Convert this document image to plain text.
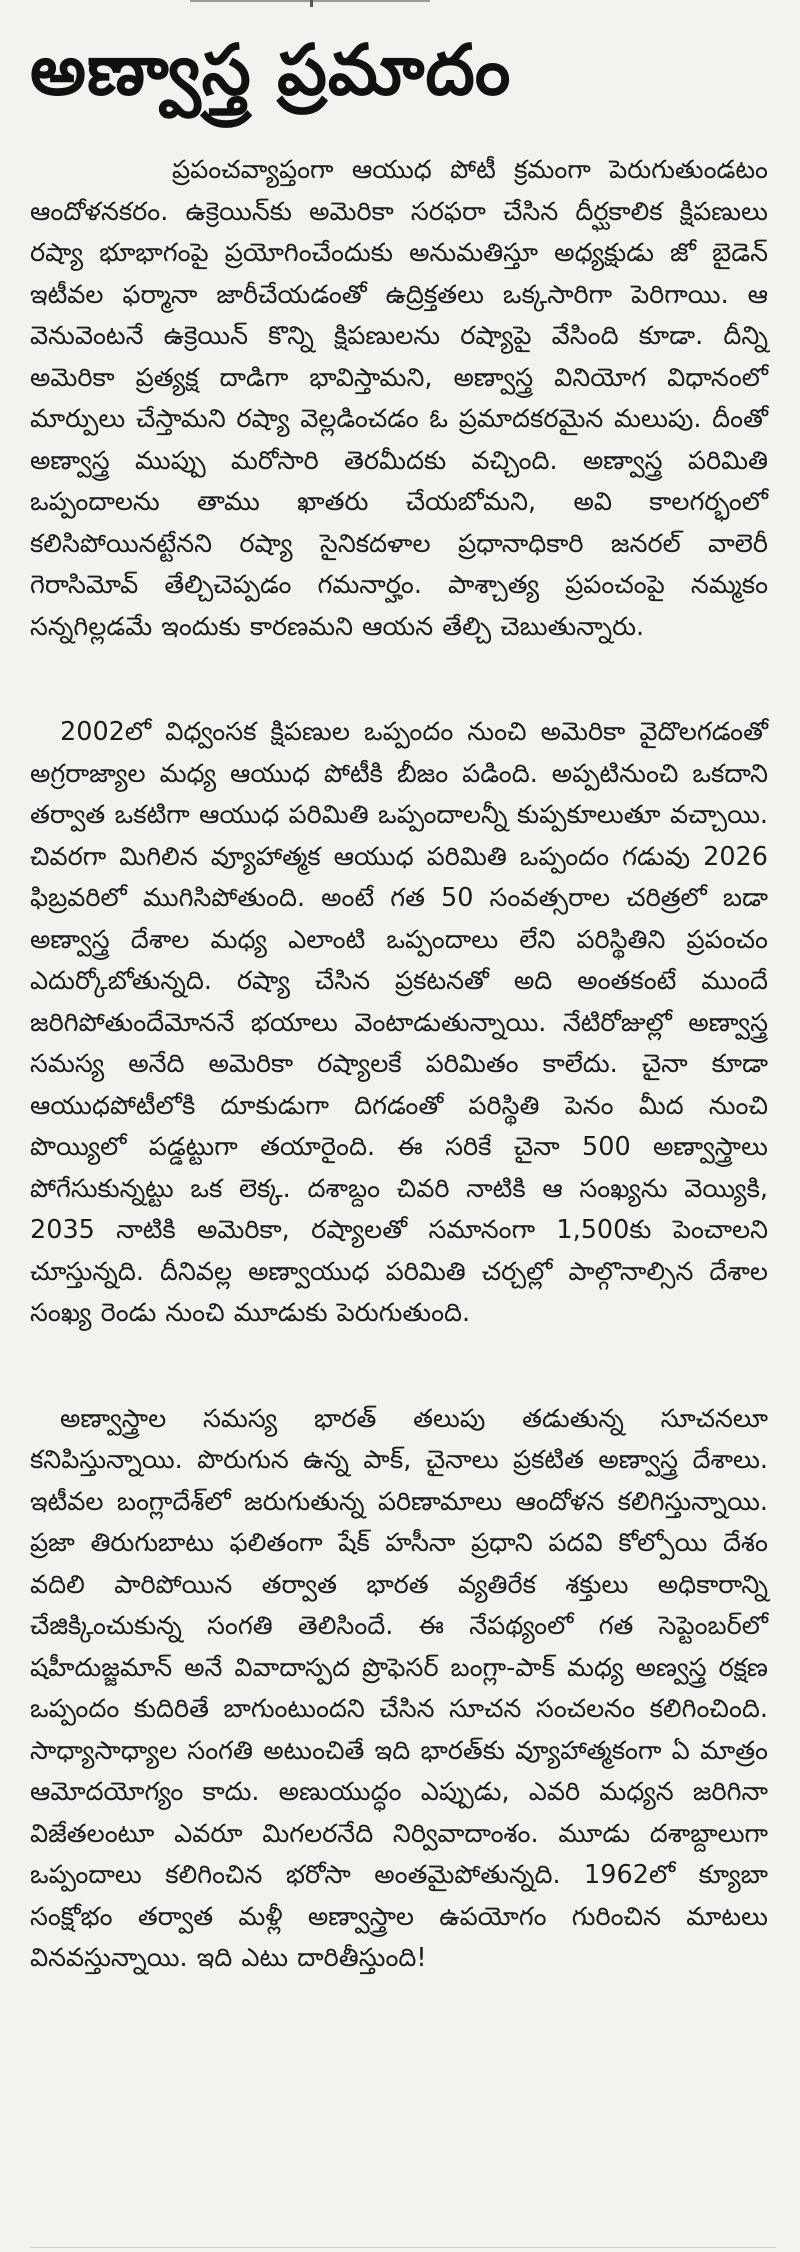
అణ్వాస్త్ర ప్రమాదం

ప్రపంచవ్యాప్తంగా ఆయుధ పోటీ క్రమంగా పెరుగుతుండటం ఆందోళనకరం. ఉక్రెయిన్‌కు అమెరికా సరఫరా చేసిన దీర్ఘకాలిక క్షిపణులు రష్యా భూభాగంపై ప్రయోగించేందుకు అనుమతిస్తూ అధ్యక్షుడు జో బైడెన్ ఇటీవల ఫర్మానా జారీచేయడంతో ఉద్రిక్తతలు ఒక్కసారిగా పెరిగాయి. ఆ వెనువెంటనే ఉక్రెయిన్ కొన్ని క్షిపణులను రష్యాపై వేసింది కూడా. దీన్ని అమెరికా ప్రత్యక్ష దాడిగా భావిస్తామని, అణ్వాస్త్ర వినియోగ విధానంలో మార్పులు చేస్తామని రష్యా వెల్లడించడం ఓ ప్రమాదకరమైన మలుపు. దీంతో అణ్వాస్త్ర ముప్పు మరోసారి తెరమీదకు వచ్చింది. అణ్వాస్త్ర పరిమితి ఒప్పందాలను తాము ఖాతరు చేయబోమని, అవి కాలగర్భంలో కలిసిపోయినట్టేనని రష్యా సైనికదళాల ప్రధానాధికారి జనరల్ వాలెరీ గెరాసిమోవ్ తేల్చిచెప్పడం గమనార్హం. పాశ్చాత్య ప్రపంచంపై నమ్మకం సన్నగిల్లడమే ఇందుకు కారణమని ఆయన తేల్చి చెబుతున్నారు.

2002లో విధ్వంసక క్షిపణుల ఒప్పందం నుంచి అమెరికా వైదొలగడంతో అగ్రరాజ్యాల మధ్య ఆయుధ పోటీకి బీజం పడింది. అప్పటినుంచి ఒకదాని తర్వాత ఒకటిగా ఆయుధ పరిమితి ఒప్పందాలన్నీ కుప్పకూలుతూ వచ్చాయి. చివరగా మిగిలిన వ్యూహాత్మక ఆయుధ పరిమితి ఒప్పందం గడువు 2026 ఫిబ్రవరిలో ముగిసిపోతుంది. అంటే గత 50 సంవత్సరాల చరిత్రలో బడా అణ్వాస్త్ర దేశాల మధ్య ఎలాంటి ఒప్పందాలు లేని పరిస్థితిని ప్రపంచం ఎదుర్కోబోతున్నది. రష్యా చేసిన ప్రకటనతో అది అంతకంటే ముందే జరిగిపోతుందేమోననే భయాలు వెంటాడుతున్నాయి. నేటిరోజుల్లో అణ్వాస్త్ర సమస్య అనేది అమెరికా రష్యాలకే పరిమితం కాలేదు. చైనా కూడా ఆయుధపోటీలోకి దూకుడుగా దిగడంతో పరిస్థితి పెనం మీద నుంచి పొయ్యిలో పడ్డట్టుగా తయారైంది. ఈ సరికే చైనా 500 అణ్వాస్త్రాలు పోగేసుకున్నట్టు ఒక లెక్క. దశాబ్దం చివరి నాటికి ఆ సంఖ్యను వెయ్యికి, 2035 నాటికి అమెరికా, రష్యాలతో సమానంగా 1,500కు పెంచాలని చూస్తున్నది. దీనివల్ల అణ్వాయుధ పరిమితి చర్చల్లో పాల్గొనాల్సిన దేశాల సంఖ్య రెండు నుంచి మూడుకు పెరుగుతుంది.

అణ్వాస్త్రాల సమస్య భారత్ తలుపు తడుతున్న సూచనలూ కనిపిస్తున్నాయి. పొరుగున ఉన్న పాక్, చైనాలు ప్రకటిత అణ్వాస్త్ర దేశాలు. ఇటీవల బంగ్లాదేశ్‌లో జరుగుతున్న పరిణామాలు ఆందోళన కలిగిస్తున్నాయి. ప్రజా తిరుగుబాటు ఫలితంగా షేక్ హసీనా ప్రధాని పదవి కోల్పోయి దేశం వదిలి పారిపోయిన తర్వాత భారత వ్యతిరేక శక్తులు అధికారాన్ని చేజిక్కించుకున్న సంగతి తెలిసిందే. ఈ నేపథ్యంలో గత సెప్టెంబర్‌లో షహీదుజ్జమాన్ అనే వివాదాస్పద ప్రొఫెసర్ బంగ్లా-పాక్ మధ్య అణ్వస్త్ర రక్షణ ఒప్పందం కుదిరితే బాగుంటుందని చేసిన సూచన సంచలనం కలిగించింది. సాధ్యాసాధ్యాల సంగతి అటుంచితే ఇది భారత్‌కు వ్యూహాత్మకంగా ఏ మాత్రం ఆమోదయోగ్యం కాదు. అణుయుద్ధం ఎప్పుడు, ఎవరి మధ్యన జరిగినా విజేతలంటూ ఎవరూ మిగలరనేది నిర్వివాదాంశం. మూడు దశాబ్దాలుగా ఒప్పందాలు కలిగించిన భరోసా అంతమైపోతున్నది. 1962లో క్యూబా సంక్షోభం తర్వాత మళ్లీ అణ్వాస్త్రాల ఉపయోగం గురించిన మాటలు వినవస్తున్నాయి. ఇది ఎటు దారితీస్తుంది!
